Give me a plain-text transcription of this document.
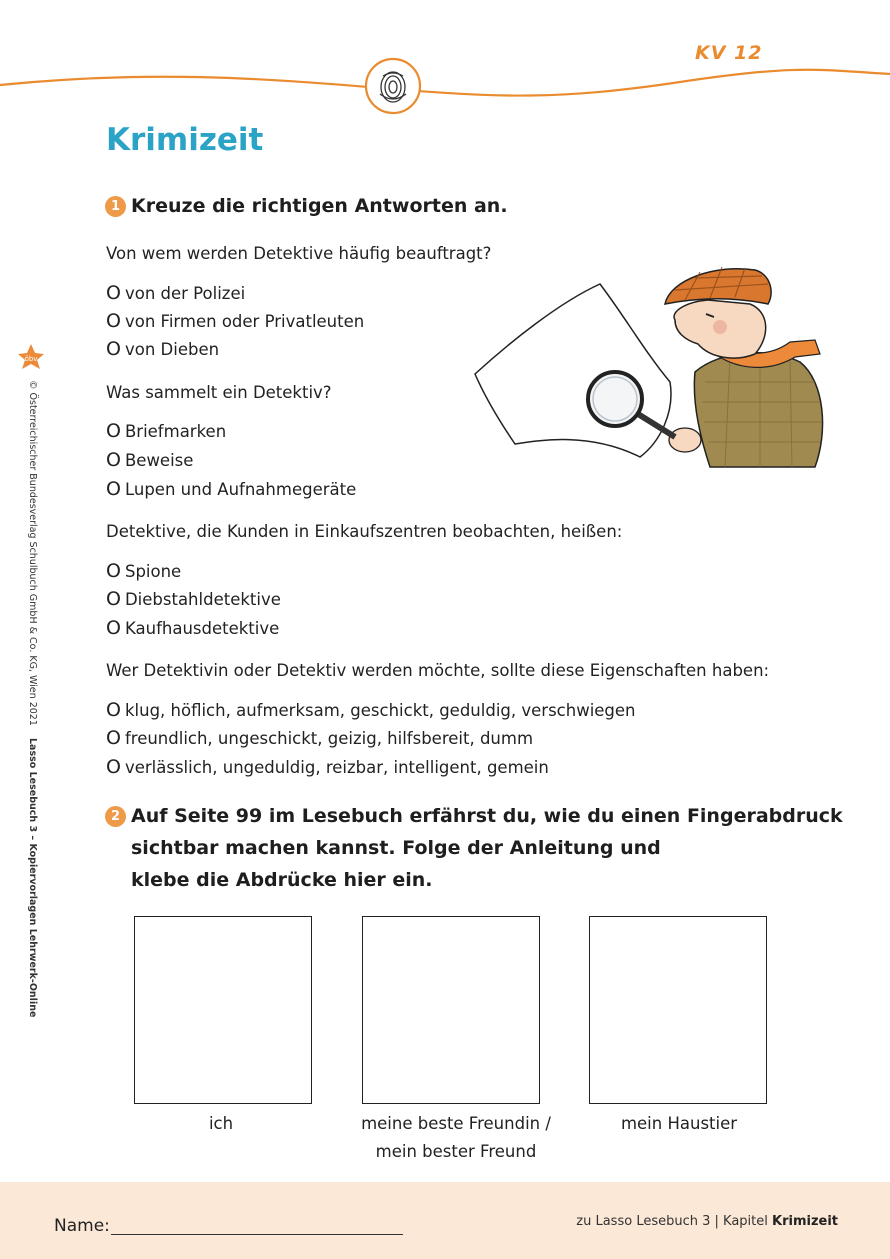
KV 12
Krimizeit
1 Kreuze die richtigen Antworten an.
Von wem werden Detektive häufig beauftragt?
O von der Polizei
O von Firmen oder Privatleuten
O von Dieben
Was sammelt ein Detektiv?
O Briefmarken
O Beweise
O Lupen und Aufnahmegeräte
Detektive, die Kunden in Einkaufszentren beobachten, heißen:
O Spione
O Diebstahldetektive
O Kaufhausdetektive
Wer Detektivin oder Detektiv werden möchte, sollte diese Eigenschaften haben:
O klug, höflich, aufmerksam, geschickt, geduldig, verschwiegen
O freundlich, ungeschickt, geizig, hilfsbereit, dumm
O verlässlich, ungeduldig, reizbar, intelligent, gemein
2 Auf Seite 99 im Lesebuch erfährst du, wie du einen Fingerabdruck
sichtbar machen kannst. Folge der Anleitung und
klebe die Abdrücke hier ein.
ich	meine beste Freundin /
mein bester Freund
mein Haustier
öbv
© Österreichischer Bundesverlag Schulbuch GmbH & Co. KG, Wien 2021
Lasso Lesebuch 3 – Kopiervorlagen Lehrwerk-Online
Name:	zu Lasso Lesebuch 3 | Kapitel Krimizeit
